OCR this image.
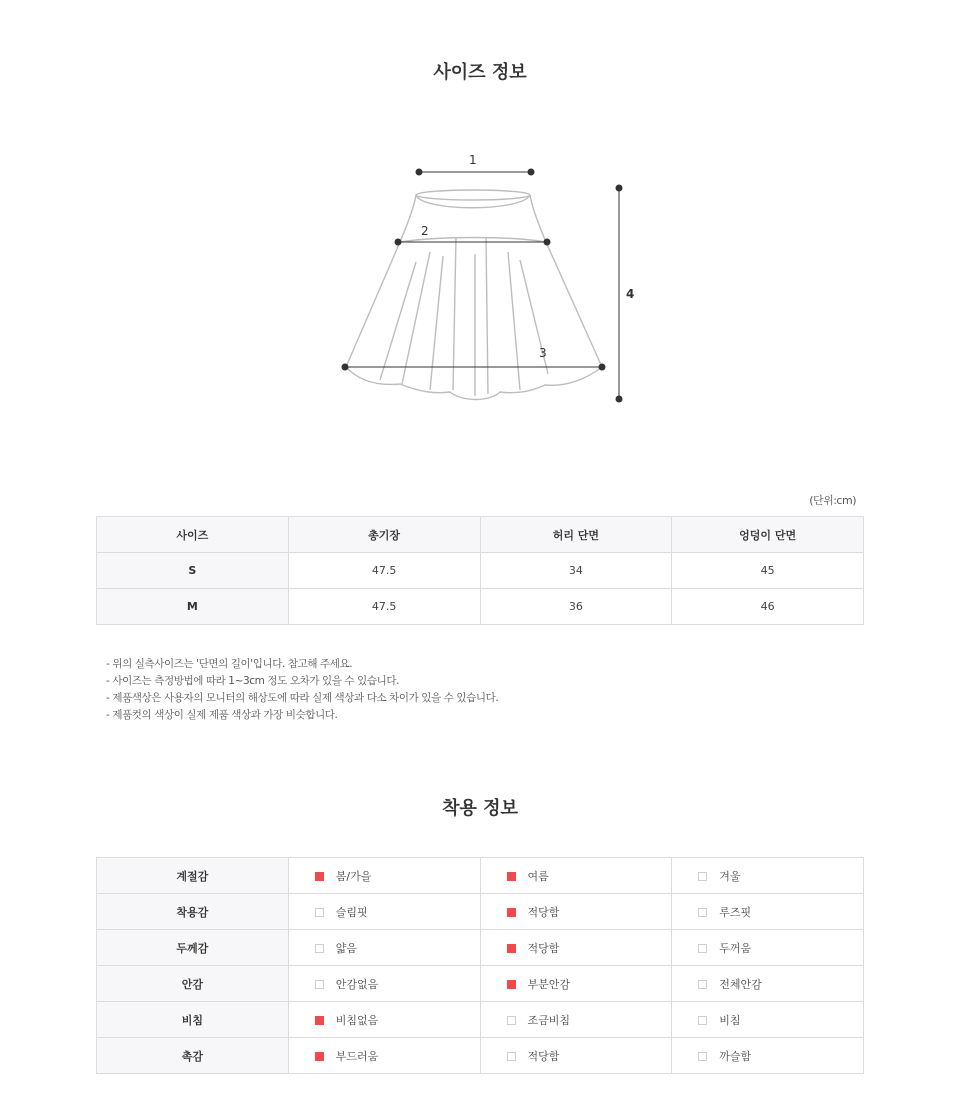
사이즈 정보
1
2
3
4
(단위:cm)
사이즈	총기장	허리 단면	엉덩이 단면
S	47.5	34	45
M	47.5	36	46
- 위의 실측사이즈는 '단면의 길이'입니다. 참고해 주세요.
- 사이즈는 측정방법에 따라 1~3cm 정도 오차가 있을 수 있습니다.
- 제품색상은 사용자의 모니터의 해상도에 따라 실제 색상과 다소 차이가 있을 수 있습니다.
- 제품컷의 색상이 실제 제품 색상과 가장 비슷합니다.
착용 정보
계절감	봄/가을	여름	겨울
착용감	슬림핏	적당함	루즈핏
두께감	얇음	적당함	두꺼움
안감	안감없음	부분안감	전체안감
비침	비침없음	조금비침	비침
촉감	부드러움	적당함	까슬함
